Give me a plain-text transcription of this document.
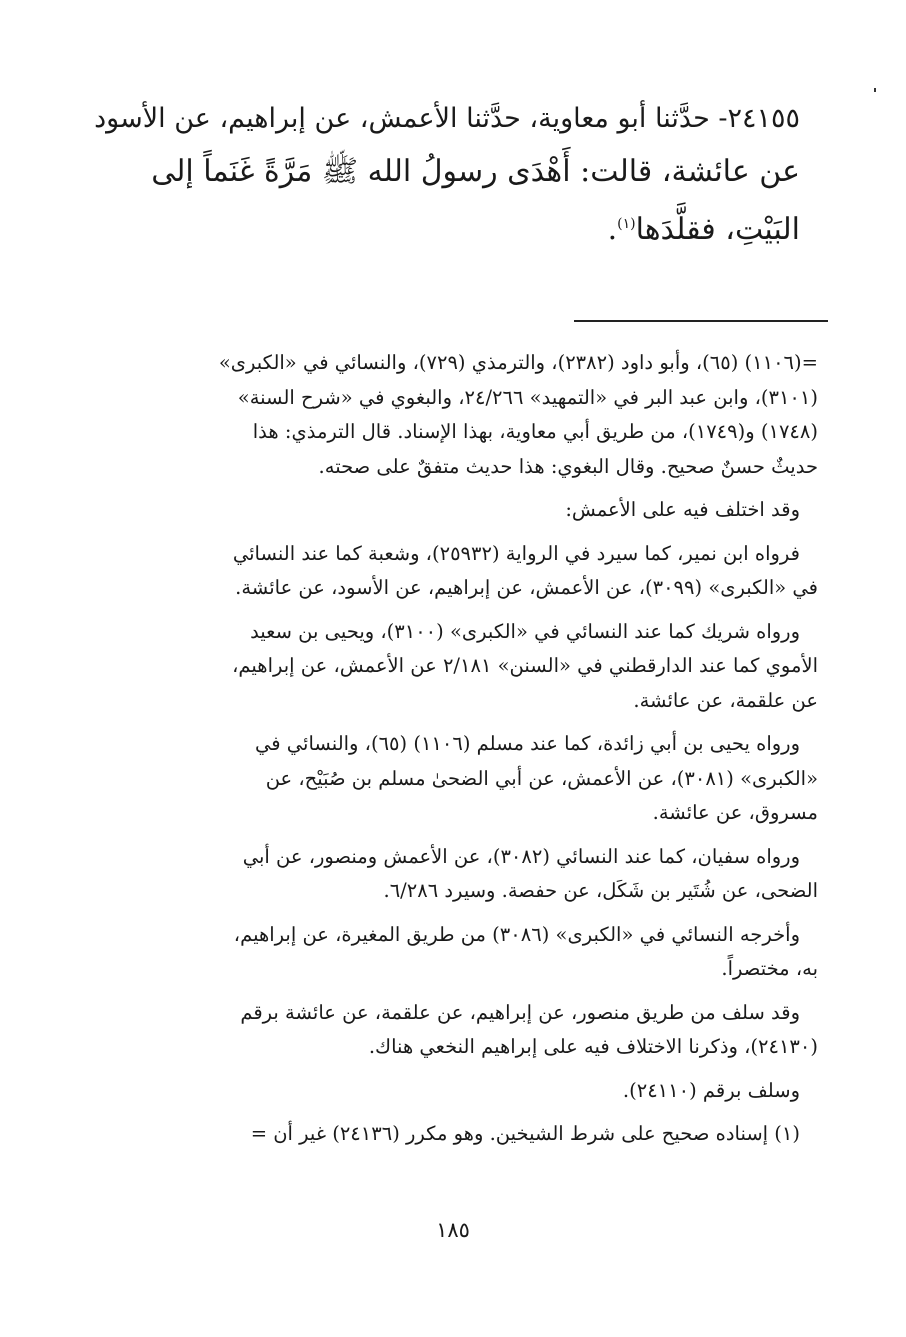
٢٤١٥٥- حدَّثنا أبو معاوية، حدَّثنا الأعمش، عن إبراهيم، عن الأسود
عن عائشة، قالت: أَهْدَى رسولُ الله ﷺ مَرَّةً غَنَماً إلى
البَيْتِ، فقلَّدَها$^{(١)}$.

=(١١٠٦) (٦٥)، وأبو داود (٢٣٨٢)، والترمذي (٧٢٩)، والنسائي في «الكبرى»
(٣١٠١)، وابن عبد البر في «التمهيد» ٢٤/٢٦٦، والبغوي في «شرح السنة»
(١٧٤٨) و(١٧٤٩)، من طريق أبي معاوية، بهذا الإسناد. قال الترمذي: هذا
حديثٌ حسنٌ صحيح. وقال البغوي: هذا حديث متفقٌ على صحته.

وقد اختلف فيه على الأعمش:

فرواه ابن نمير، كما سيرد في الرواية (٢٥٩٣٢)، وشعبة كما عند النسائي
في «الكبرى» (٣٠٩٩)، عن الأعمش، عن إبراهيم، عن الأسود، عن عائشة.

ورواه شريك كما عند النسائي في «الكبرى» (٣١٠٠)، ويحيى بن سعيد
الأموي كما عند الدارقطني في «السنن» ٢/١٨١ عن الأعمش، عن إبراهيم،
عن علقمة، عن عائشة.

ورواه يحيى بن أبي زائدة، كما عند مسلم (١١٠٦) (٦٥)، والنسائي في
«الكبرى» (٣٠٨١)، عن الأعمش، عن أبي الضحىٰ مسلم بن صُبَيْح، عن
مسروق، عن عائشة.

ورواه سفيان، كما عند النسائي (٣٠٨٢)، عن الأعمش ومنصور، عن أبي
الضحى، عن شُتَير بن شَكَل، عن حفصة. وسيرد ٦/٢٨٦.

وأخرجه النسائي في «الكبرى» (٣٠٨٦) من طريق المغيرة، عن إبراهيم،
به، مختصراً.

وقد سلف من طريق منصور، عن إبراهيم، عن علقمة، عن عائشة برقم
(٢٤١٣٠)، وذكرنا الاختلاف فيه على إبراهيم النخعي هناك.

وسلف برقم (٢٤١١٠).

(١) إسناده صحيح على شرط الشيخين. وهو مكرر (٢٤١٣٦) غير أن =

١٨٥
